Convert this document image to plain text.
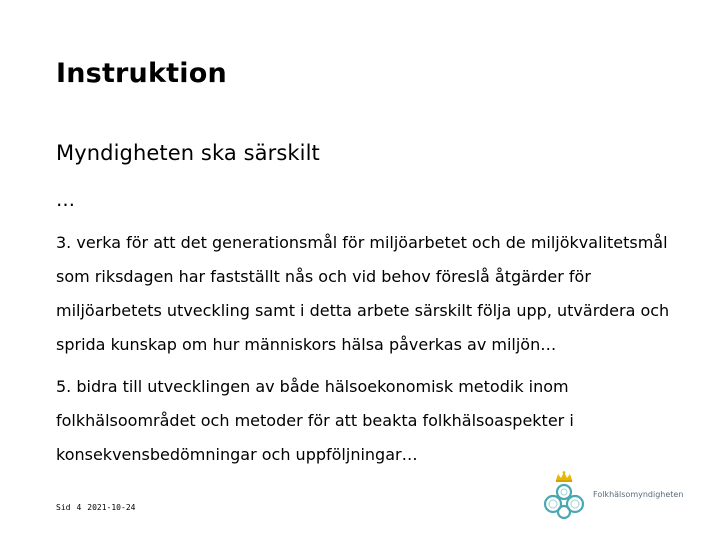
Instruktion
Myndigheten ska särskilt
…
3. verka för att det generationsmål för miljöarbetet och de miljökvalitetsmål
som riksdagen har fastställt nås och vid behov föreslå åtgärder för
miljöarbetets utveckling samt i detta arbete särskilt följa upp, utvärdera och
sprida kunskap om hur människors hälsa påverkas av miljön…
5. bidra till utvecklingen av både hälsoekonomisk metodik inom
folkhälsoområdet och metoder för att beakta folkhälsoaspekter i
konsekvensbedömningar och uppföljningar…
Sid 4 2021-10-24
Folkhälsomyndigheten
